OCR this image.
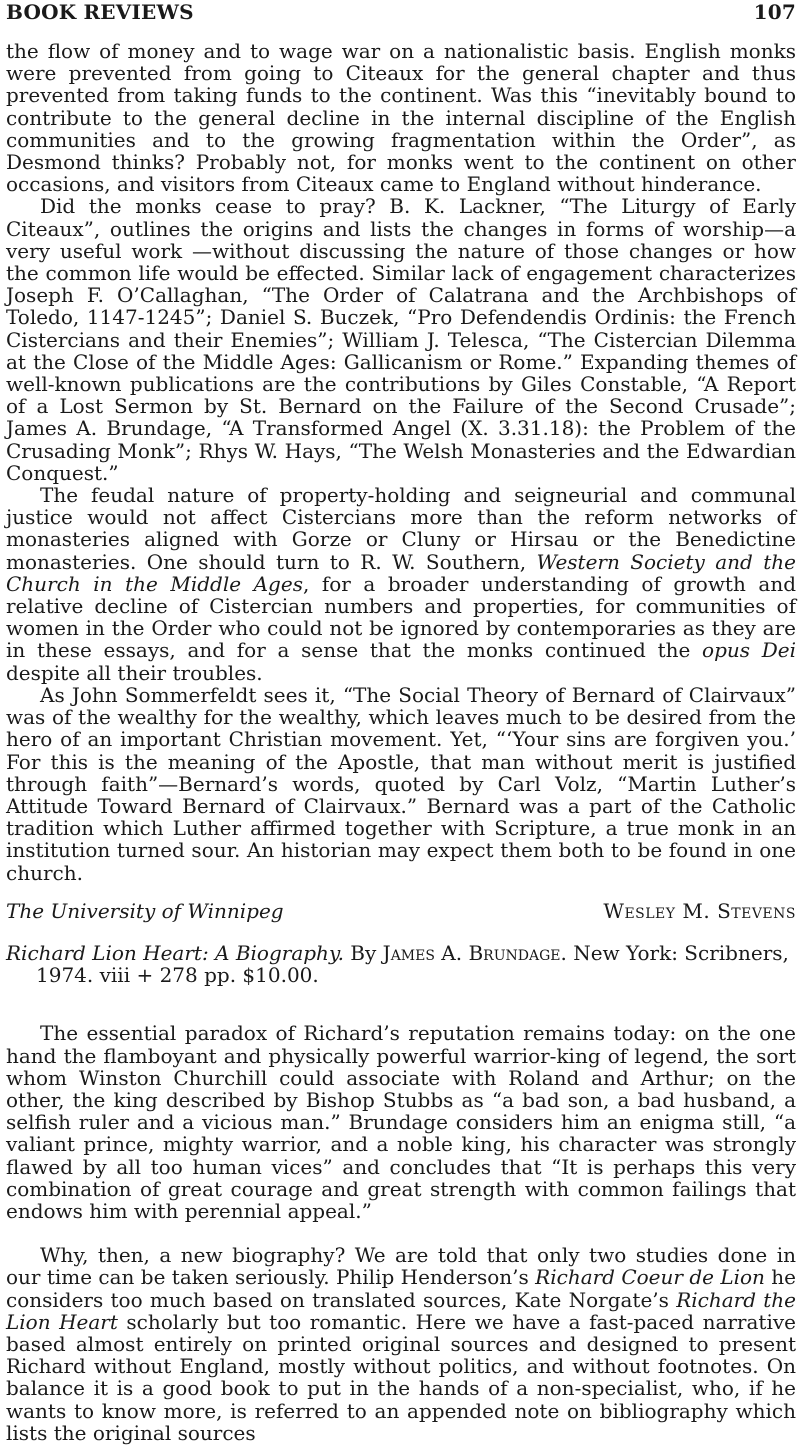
BOOK REVIEWS	107

the flow of money and to wage war on a nationalistic basis. English monks were prevented from going to Citeaux for the general chapter and thus prevented from taking funds to the continent. Was this “inevitably bound to contribute to the general decline in the internal discipline of the English communities and to the growing fragmentation within the Order”, as Desmond thinks? Probably not, for monks went to the continent on other occasions, and visitors from Citeaux came to England without hinderance.

Did the monks cease to pray? B. K. Lackner, “The Liturgy of Early Citeaux”, outlines the origins and lists the changes in forms of worship—a very useful work —without discussing the nature of those changes or how the common life would be effected. Similar lack of engagement characterizes Joseph F. O’Callaghan, “The Order of Calatrana and the Archbishops of Toledo, 1147-1245”; Daniel S. Buczek, “Pro Defendendis Ordinis: the French Cistercians and their Enemies”; William J. Telesca, “The Cistercian Dilemma at the Close of the Middle Ages: Gallicanism or Rome.” Expanding themes of well-known publications are the contributions by Giles Constable, “A Report of a Lost Sermon by St. Bernard on the Failure of the Second Crusade”; James A. Brundage, “A Transformed Angel (X. 3.31.18): the Problem of the Crusading Monk”; Rhys W. Hays, “The Welsh Monasteries and the Edwardian Conquest.”

The feudal nature of property-holding and seigneurial and communal justice would not affect Cistercians more than the reform networks of monasteries aligned with Gorze or Cluny or Hirsau or the Benedictine monasteries. One should turn to R. W. Southern, Western Society and the Church in the Middle Ages, for a broader understanding of growth and relative decline of Cistercian numbers and properties, for communities of women in the Order who could not be ignored by contemporaries as they are in these essays, and for a sense that the monks continued the opus Dei despite all their troubles.

As John Sommerfeldt sees it, “The Social Theory of Bernard of Clairvaux” was of the wealthy for the wealthy, which leaves much to be desired from the hero of an important Christian movement. Yet, “‘Your sins are forgiven you.’ For this is the meaning of the Apostle, that man without merit is justified through faith”—Bernard’s words, quoted by Carl Volz, “Martin Luther’s Attitude Toward Bernard of Clairvaux.” Bernard was a part of the Catholic tradition which Luther affirmed together with Scripture, a true monk in an institution turned sour. An historian may expect them both to be found in one church.

The University of Winnipeg	Wesley M. Stevens
Richard Lion Heart: A Biography. By James A. Brundage. New York: Scribners, 1974. viii + 278 pp. $10.00.

The essential paradox of Richard’s reputation remains today: on the one hand the flamboyant and physically powerful warrior-king of legend, the sort whom Winston Churchill could associate with Roland and Arthur; on the other, the king described by Bishop Stubbs as “a bad son, a bad husband, a selfish ruler and a vicious man.” Brundage considers him an enigma still, “a valiant prince, mighty warrior, and a noble king, his character was strongly flawed by all too human vices” and concludes that “It is perhaps this very combination of great courage and great strength with common failings that endows him with perennial appeal.”

Why, then, a new biography? We are told that only two studies done in our time can be taken seriously. Philip Henderson’s Richard Coeur de Lion he considers too much based on translated sources, Kate Norgate’s Richard the Lion Heart scholarly but too romantic. Here we have a fast-paced narrative based almost entirely on printed original sources and designed to present Richard without England, mostly without politics, and without footnotes. On balance it is a good book to put in the hands of a non-specialist, who, if he wants to know more, is referred to an appended note on bibliography which lists the original sources
